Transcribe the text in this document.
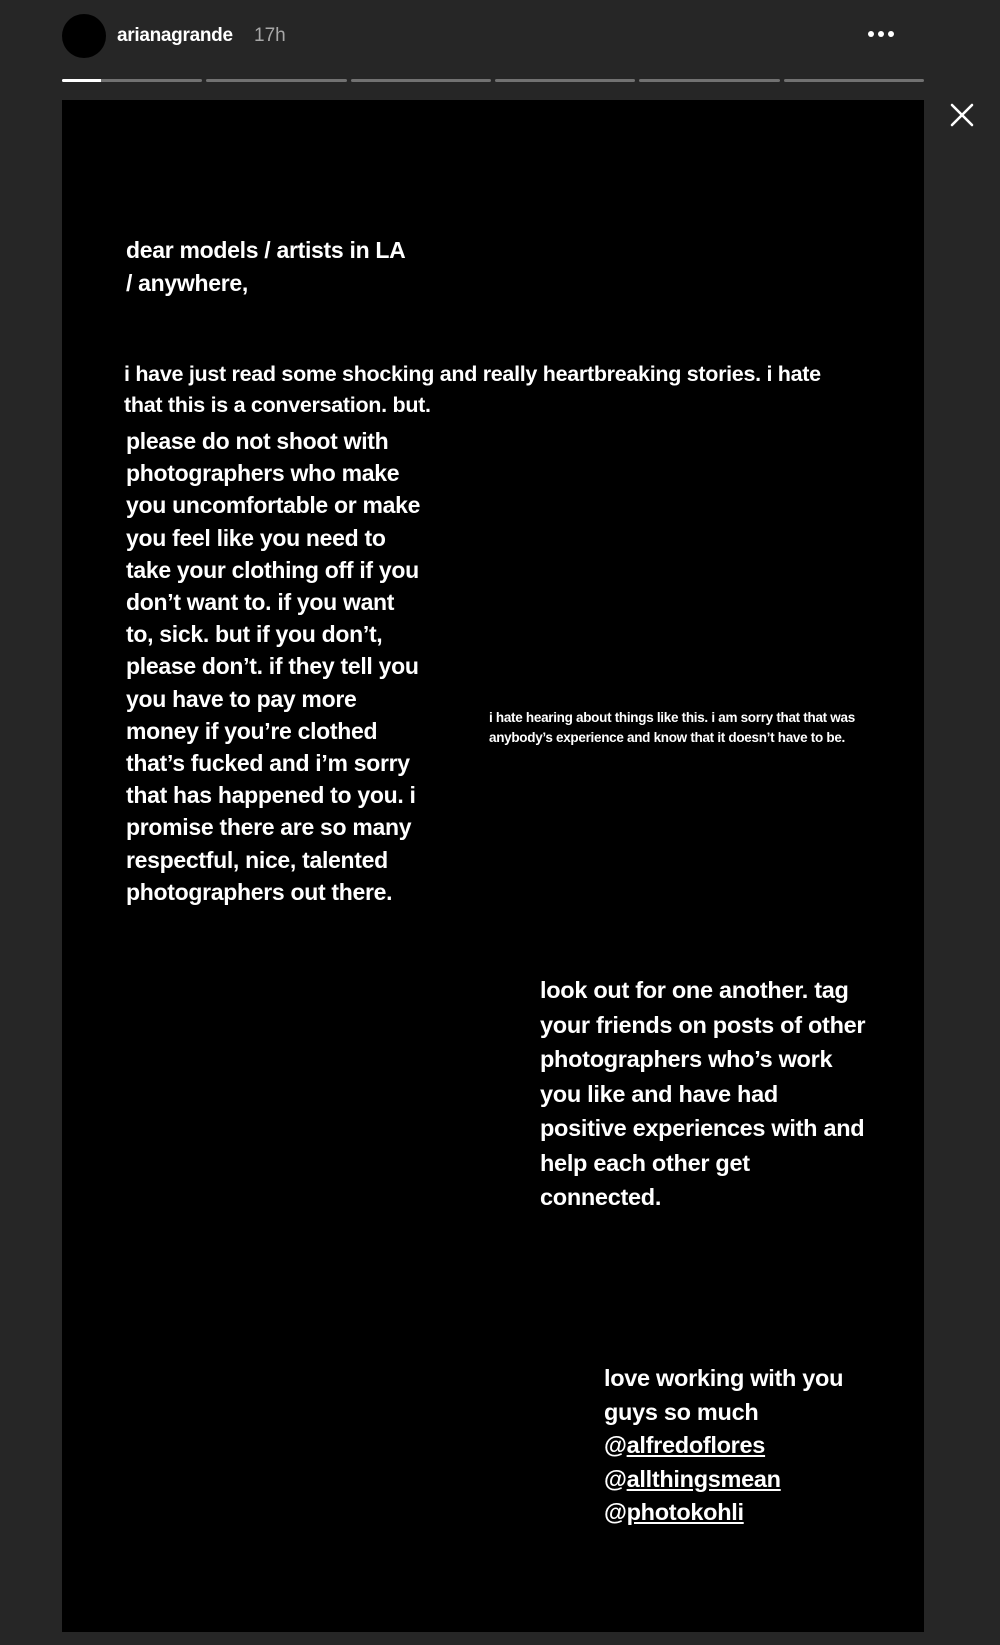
arianagrande 17h
dear models / artists in LA / anywhere,
i have just read some shocking and really heartbreaking stories. i hate that this is a conversation. but.
please do not shoot with photographers who make you uncomfortable or make you feel like you need to take your clothing off if you don’t want to. if you want to, sick. but if you don’t, please don’t. if they tell you you have to pay more money if you’re clothed that’s fucked and i’m sorry that has happened to you. i promise there are so many respectful, nice, talented photographers out there.
i hate hearing about things like this. i am sorry that that was anybody’s experience and know that it doesn’t have to be.
look out for one another. tag your friends on posts of other photographers who’s work you like and have had positive experiences with and help each other get connected.
love working with you guys so much
@alfredoflores
@allthingsmean
@photokohli
